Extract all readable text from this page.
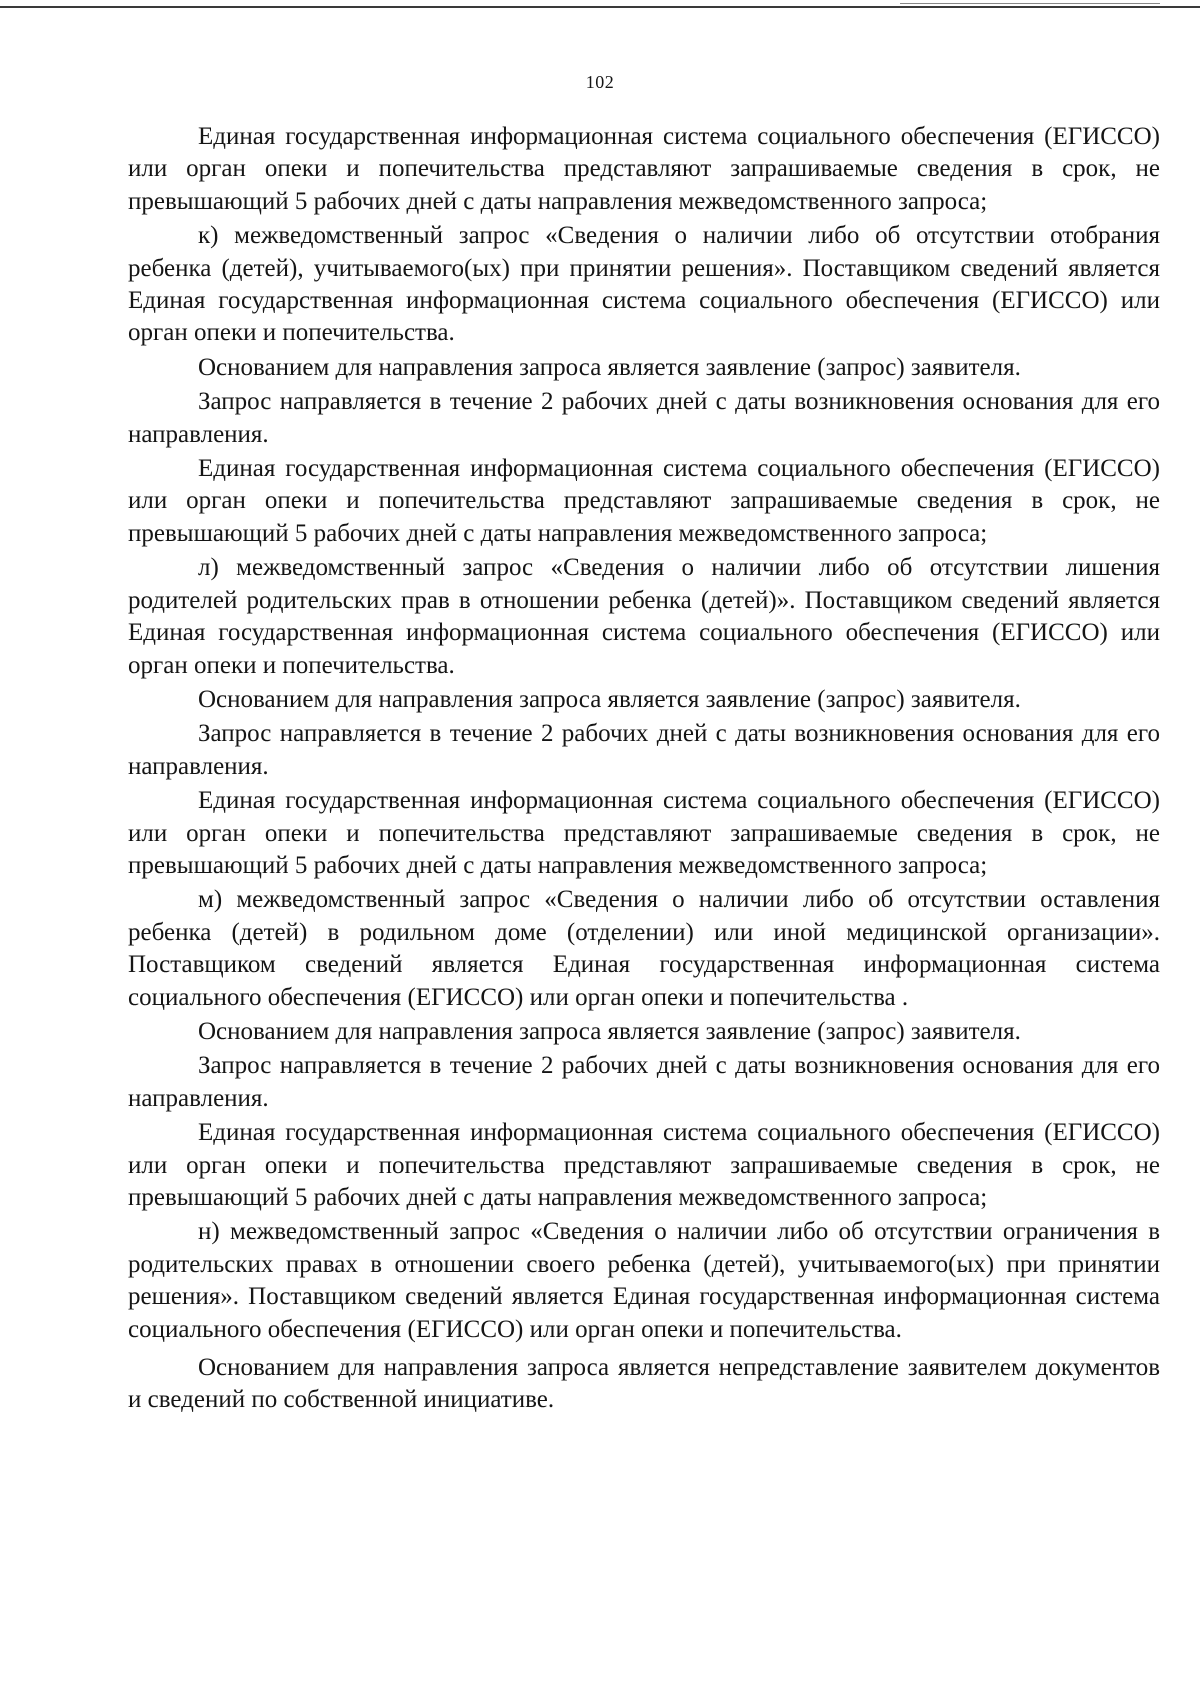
102

Единая государственная информационная система социального обеспечения (ЕГИССО) или орган опеки и попечительства представляют запрашиваемые сведения в срок, не превышающий 5 рабочих дней с даты направления межведомственного запроса;

к) межведомственный запрос «Сведения о наличии либо об отсутствии отобрания ребенка (детей), учитываемого(ых) при принятии решения». Поставщиком сведений является Единая государственная информационная система социального обеспечения (ЕГИССО) или орган опеки и попечительства.

Основанием для направления запроса является заявление (запрос) заявителя.

Запрос направляется в течение 2 рабочих дней с даты возникновения основания для его направления.

Единая государственная информационная система социального обеспечения (ЕГИССО) или орган опеки и попечительства представляют запрашиваемые сведения в срок, не превышающий 5 рабочих дней с даты направления межведомственного запроса;

л) межведомственный запрос «Сведения о наличии либо об отсутствии лишения родителей родительских прав в отношении ребенка (детей)». Поставщиком сведений является Единая государственная информационная система социального обеспечения (ЕГИССО) или орган опеки и попечительства.

Основанием для направления запроса является заявление (запрос) заявителя.

Запрос направляется в течение 2 рабочих дней с даты возникновения основания для его направления.

Единая государственная информационная система социального обеспечения (ЕГИССО) или орган опеки и попечительства представляют запрашиваемые сведения в срок, не превышающий 5 рабочих дней с даты направления межведомственного запроса;

м) межведомственный запрос «Сведения о наличии либо об отсутствии оставления ребенка (детей) в родильном доме (отделении) или иной медицинской организации». Поставщиком сведений является Единая государственная информационная система социального обеспечения (ЕГИССО) или орган опеки и попечительства .

Основанием для направления запроса является заявление (запрос) заявителя.

Запрос направляется в течение 2 рабочих дней с даты возникновения основания для его направления.

Единая государственная информационная система социального обеспечения (ЕГИССО) или орган опеки и попечительства представляют запрашиваемые сведения в срок, не превышающий 5 рабочих дней с даты направления межведомственного запроса;

н) межведомственный запрос «Сведения о наличии либо об отсутствии ограничения в родительских правах в отношении своего ребенка (детей), учитываемого(ых) при принятии решения». Поставщиком сведений является Единая государственная информационная система социального обеспечения (ЕГИССО) или орган опеки и попечительства.

Основанием для направления запроса является непредставление заявителем документов и сведений по собственной инициативе.
